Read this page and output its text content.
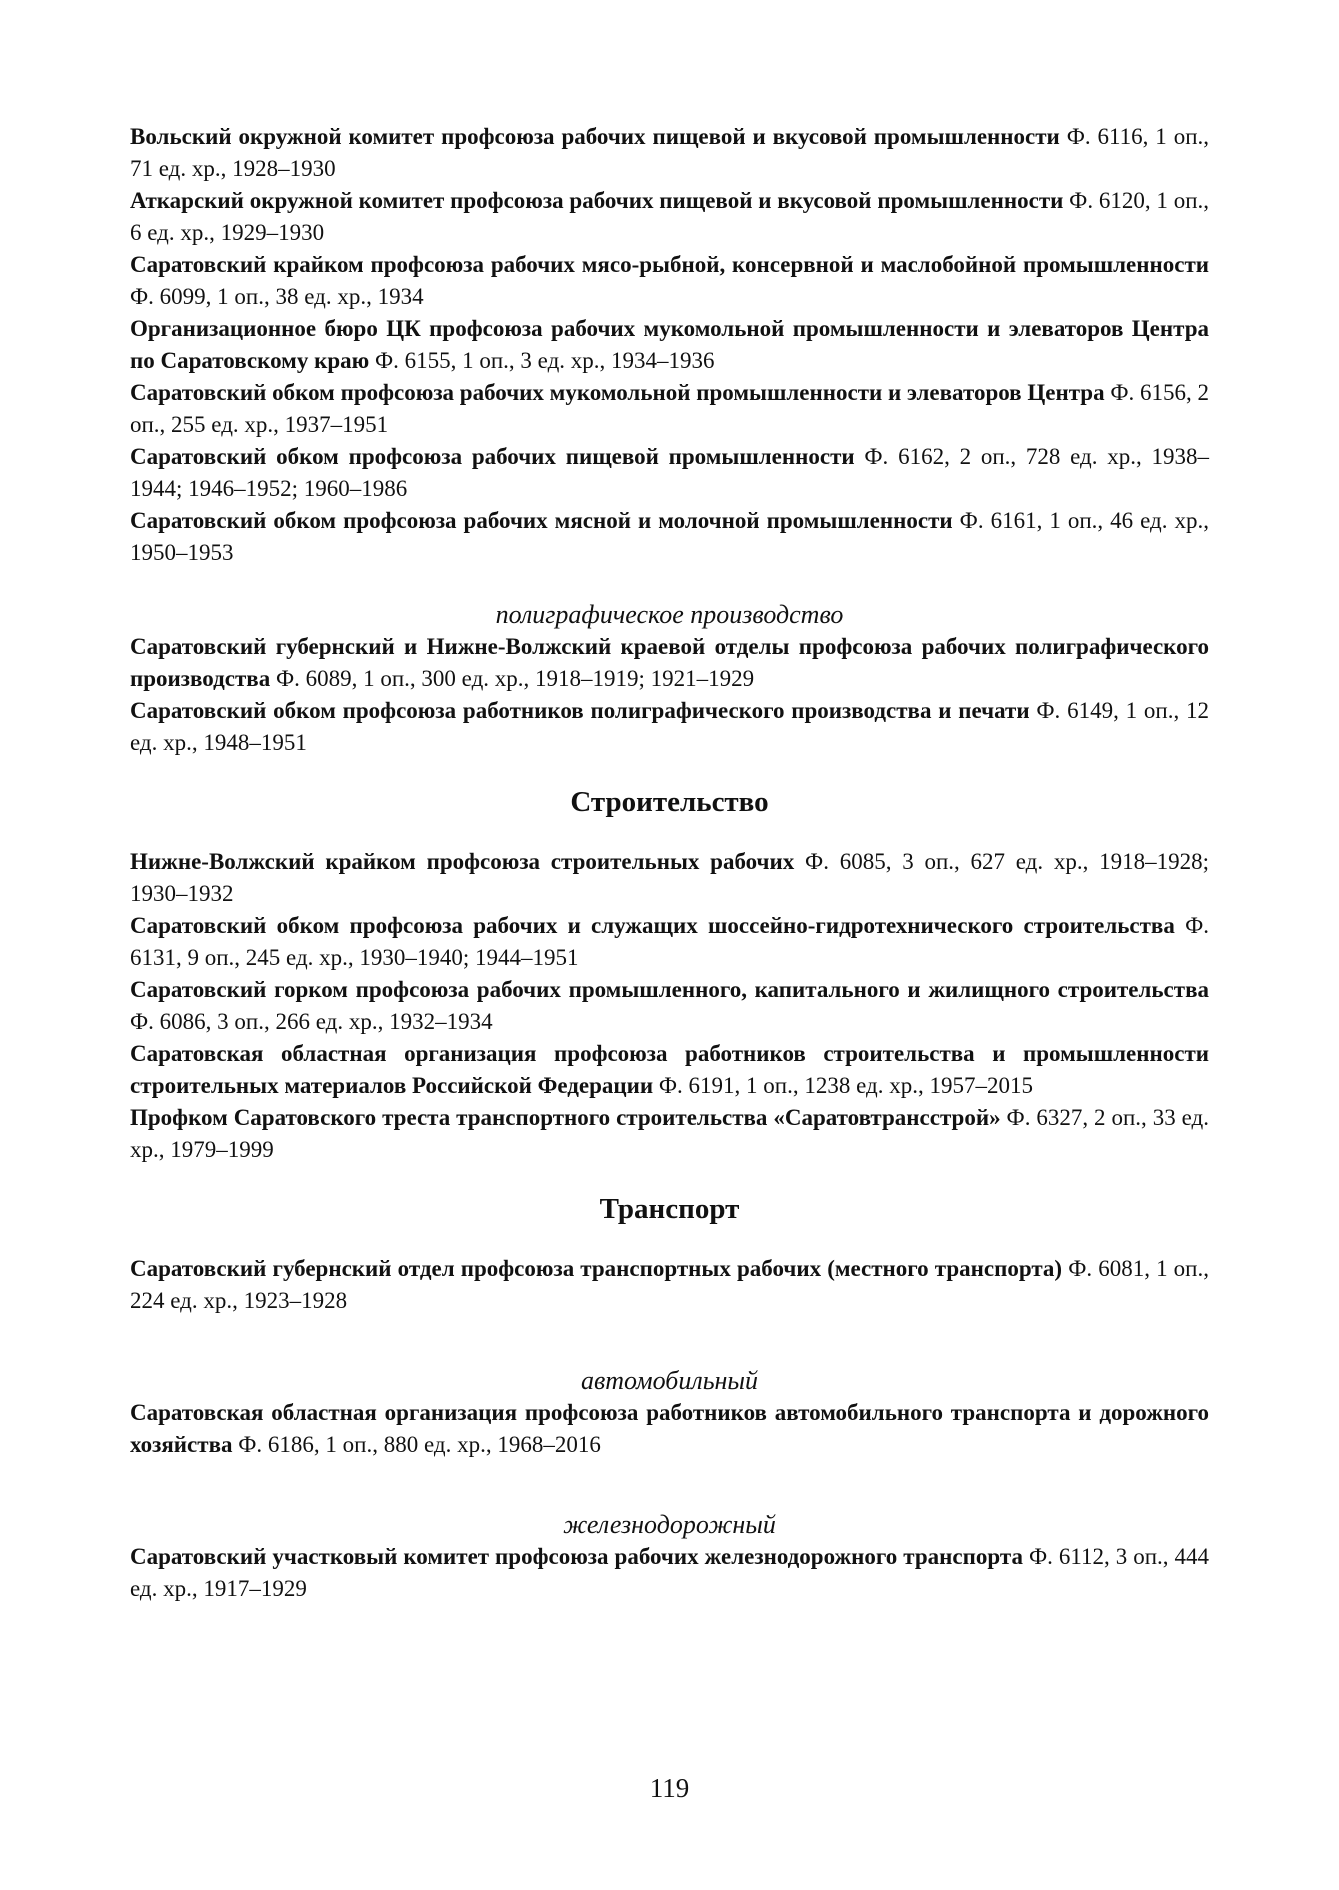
Вольский окружной комитет профсоюза рабочих пищевой и вкусовой промышленности Ф. 6116, 1 оп., 71 ед. хр., 1928–1930

Аткарский окружной комитет профсоюза рабочих пищевой и вкусовой промышленности Ф. 6120, 1 оп., 6 ед. хр., 1929–1930

Саратовский крайком профсоюза рабочих мясо-рыбной, консервной и маслобойной промышленности Ф. 6099, 1 оп., 38 ед. хр., 1934

Организационное бюро ЦК профсоюза рабочих мукомольной промышленности и элеваторов Центра по Саратовскому краю Ф. 6155, 1 оп., 3 ед. хр., 1934–1936

Саратовский обком профсоюза рабочих мукомольной промышленности и элеваторов Центра Ф. 6156, 2 оп., 255 ед. хр., 1937–1951

Саратовский обком профсоюза рабочих пищевой промышленности Ф. 6162, 2 оп., 728 ед. хр., 1938–1944; 1946–1952; 1960–1986

Саратовский обком профсоюза рабочих мясной и молочной промышленности Ф. 6161, 1 оп., 46 ед. хр., 1950–1953

полиграфическое производство

Саратовский губернский и Нижне-Волжский краевой отделы профсоюза рабочих полиграфического производства Ф. 6089, 1 оп., 300 ед. хр., 1918–1919; 1921–1929

Саратовский обком профсоюза работников полиграфического производства и печати Ф. 6149, 1 оп., 12 ед. хр., 1948–1951

Строительство

Нижне-Волжский крайком профсоюза строительных рабочих Ф. 6085, 3 оп., 627 ед. хр., 1918–1928; 1930–1932

Саратовский обком профсоюза рабочих и служащих шоссейно-гидротехнического строительства Ф. 6131, 9 оп., 245 ед. хр., 1930–1940; 1944–1951

Саратовский горком профсоюза рабочих промышленного, капитального и жилищного строительства Ф. 6086, 3 оп., 266 ед. хр., 1932–1934

Саратовская областная организация профсоюза работников строительства и промышленности строительных материалов Российской Федерации Ф. 6191, 1 оп., 1238 ед. хр., 1957–2015

Профком Саратовского треста транспортного строительства «Саратовтрансстрой» Ф. 6327, 2 оп., 33 ед. хр., 1979–1999

Транспорт

Саратовский губернский отдел профсоюза транспортных рабочих (местного транспорта) Ф. 6081, 1 оп., 224 ед. хр., 1923–1928

автомобильный

Саратовская областная организация профсоюза работников автомобильного транспорта и дорожного хозяйства Ф. 6186, 1 оп., 880 ед. хр., 1968–2016

железнодорожный

Саратовский участковый комитет профсоюза рабочих железнодорожного транспорта Ф. 6112, 3 оп., 444 ед. хр., 1917–1929

119
